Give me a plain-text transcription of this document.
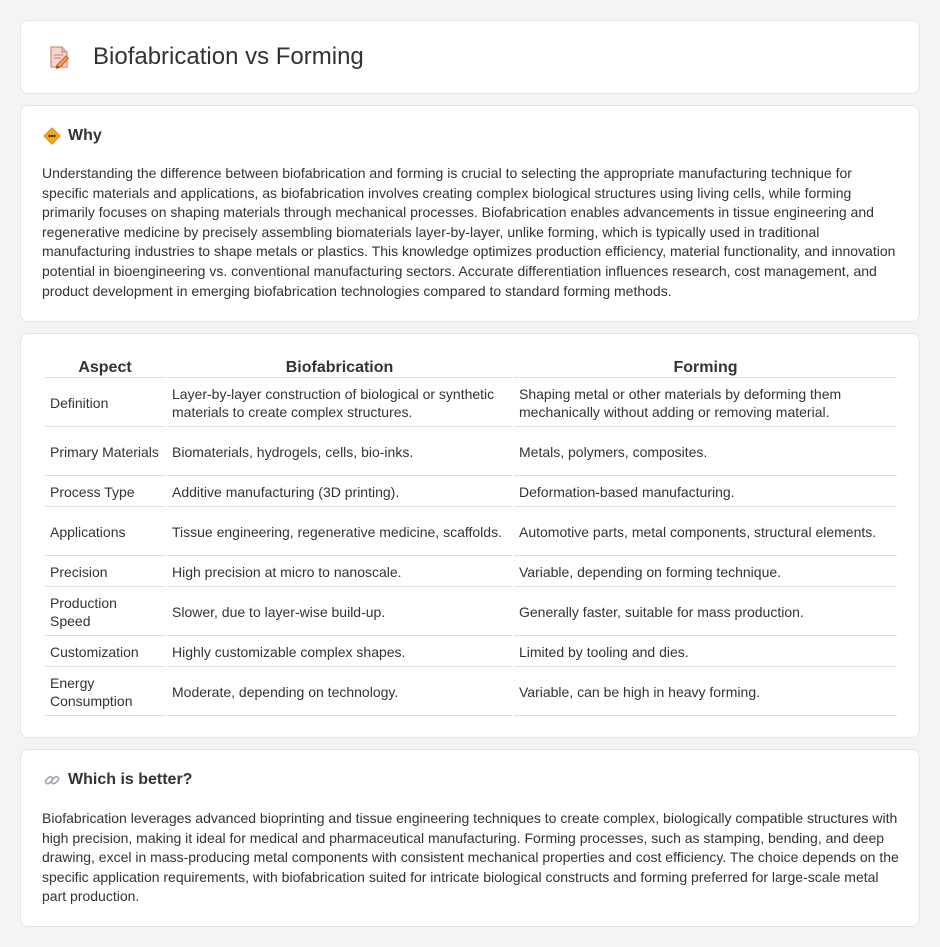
Biofabrication vs Forming
Why

Understanding the difference between biofabrication and forming is crucial to selecting the appropriate manufacturing technique for specific materials and applications, as biofabrication involves creating complex biological structures using living cells, while forming primarily focuses on shaping materials through mechanical processes. Biofabrication enables advancements in tissue engineering and regenerative medicine by precisely assembling biomaterials layer-by-layer, unlike forming, which is typically used in traditional manufacturing industries to shape metals or plastics. This knowledge optimizes production efficiency, material functionality, and innovation potential in bioengineering vs. conventional manufacturing sectors. Accurate differentiation influences research, cost management, and product development in emerging biofabrication technologies compared to standard forming methods.

Aspect	Biofabrication	Forming
Definition	Layer-by-layer construction of biological or synthetic materials to create complex structures.	Shaping metal or other materials by deforming them mechanically without adding or removing material.
Primary Materials	Biomaterials, hydrogels, cells, bio-inks.	Metals, polymers, composites.
Process Type	Additive manufacturing (3D printing).	Deformation-based manufacturing.
Applications	Tissue engineering, regenerative medicine, scaffolds.	Automotive parts, metal components, structural elements.
Precision	High precision at micro to nanoscale.	Variable, depending on forming technique.
Production Speed	Slower, due to layer-wise build-up.	Generally faster, suitable for mass production.
Customization	Highly customizable complex shapes.	Limited by tooling and dies.
Energy Consumption	Moderate, depending on technology.	Variable, can be high in heavy forming.
Which is better?

Biofabrication leverages advanced bioprinting and tissue engineering techniques to create complex, biologically compatible structures with high precision, making it ideal for medical and pharmaceutical manufacturing. Forming processes, such as stamping, bending, and deep drawing, excel in mass-producing metal components with consistent mechanical properties and cost efficiency. The choice depends on the specific application requirements, with biofabrication suited for intricate biological constructs and forming preferred for large-scale metal part production.
